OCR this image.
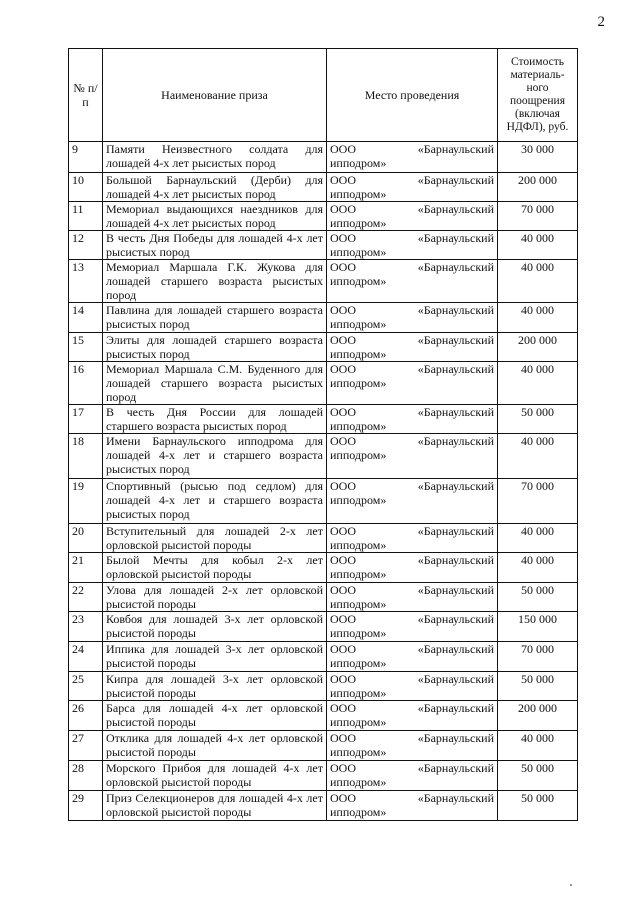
2
№ п/п	Наименование приза	Место проведения	Стоимость материаль-ного поощрения (включая НДФЛ), руб.
9	Памяти Неизвестного солдата для лошадей 4-х лет рысистых пород	ООО «Барнаульский
ипподром»	30 000
10	Большой Барнаульский (Дерби) для лошадей 4-х лет рысистых пород	ООО «Барнаульский
ипподром»	200 000
11	Мемориал выдающихся наездников для лошадей 4-х лет рысистых пород	ООО «Барнаульский
ипподром»	70 000
12	В честь Дня Победы для лошадей 4-х лет рысистых пород	ООО «Барнаульский
ипподром»	40 000
13	Мемориал Маршала Г.К. Жукова для лошадей старшего возраста рысистых пород	ООО «Барнаульский
ипподром»	40 000
14	Павлина для лошадей старшего возраста рысистых пород	ООО «Барнаульский
ипподром»	40 000
15	Элиты для лошадей старшего возраста рысистых пород	ООО «Барнаульский
ипподром»	200 000
16	Мемориал Маршала С.М. Буденного для лошадей старшего возраста рысистых пород	ООО «Барнаульский
ипподром»	40 000
17	В честь Дня России для лошадей старшего возраста рысистых пород	ООО «Барнаульский
ипподром»	50 000
18	Имени Барнаульского ипподрома для лошадей 4-х лет и старшего возраста рысистых пород	ООО «Барнаульский
ипподром»	40 000
19	Спортивный (рысью под седлом) для лошадей 4-х лет и старшего возраста рысистых пород	ООО «Барнаульский
ипподром»	70 000
20	Вступительный для лошадей 2-х лет орловской рысистой породы	ООО «Барнаульский
ипподром»	40 000
21	Былой Мечты для кобыл 2-х лет орловской рысистой породы	ООО «Барнаульский
ипподром»	40 000
22	Улова для лошадей 2-х лет орловской рысистой породы	ООО «Барнаульский
ипподром»	50 000
23	Ковбоя для лошадей 3-х лет орловской рысистой породы	ООО «Барнаульский
ипподром»	150 000
24	Иппика для лошадей 3-х лет орловской рысистой породы	ООО «Барнаульский
ипподром»	70 000
25	Кипра для лошадей 3-х лет орловской рысистой породы	ООО «Барнаульский
ипподром»	50 000
26	Барса для лошадей 4-х лет орловской рысистой породы	ООО «Барнаульский
ипподром»	200 000
27	Отклика для лошадей 4-х лет орловской рысистой породы	ООО «Барнаульский
ипподром»	40 000
28	Морского Прибоя для лошадей 4-х лет орловской рысистой породы	ООО «Барнаульский
ипподром»	50 000
29	Приз Селекционеров для лошадей 4-х лет орловской рысистой породы	ООО «Барнаульский
ипподром»	50 000
